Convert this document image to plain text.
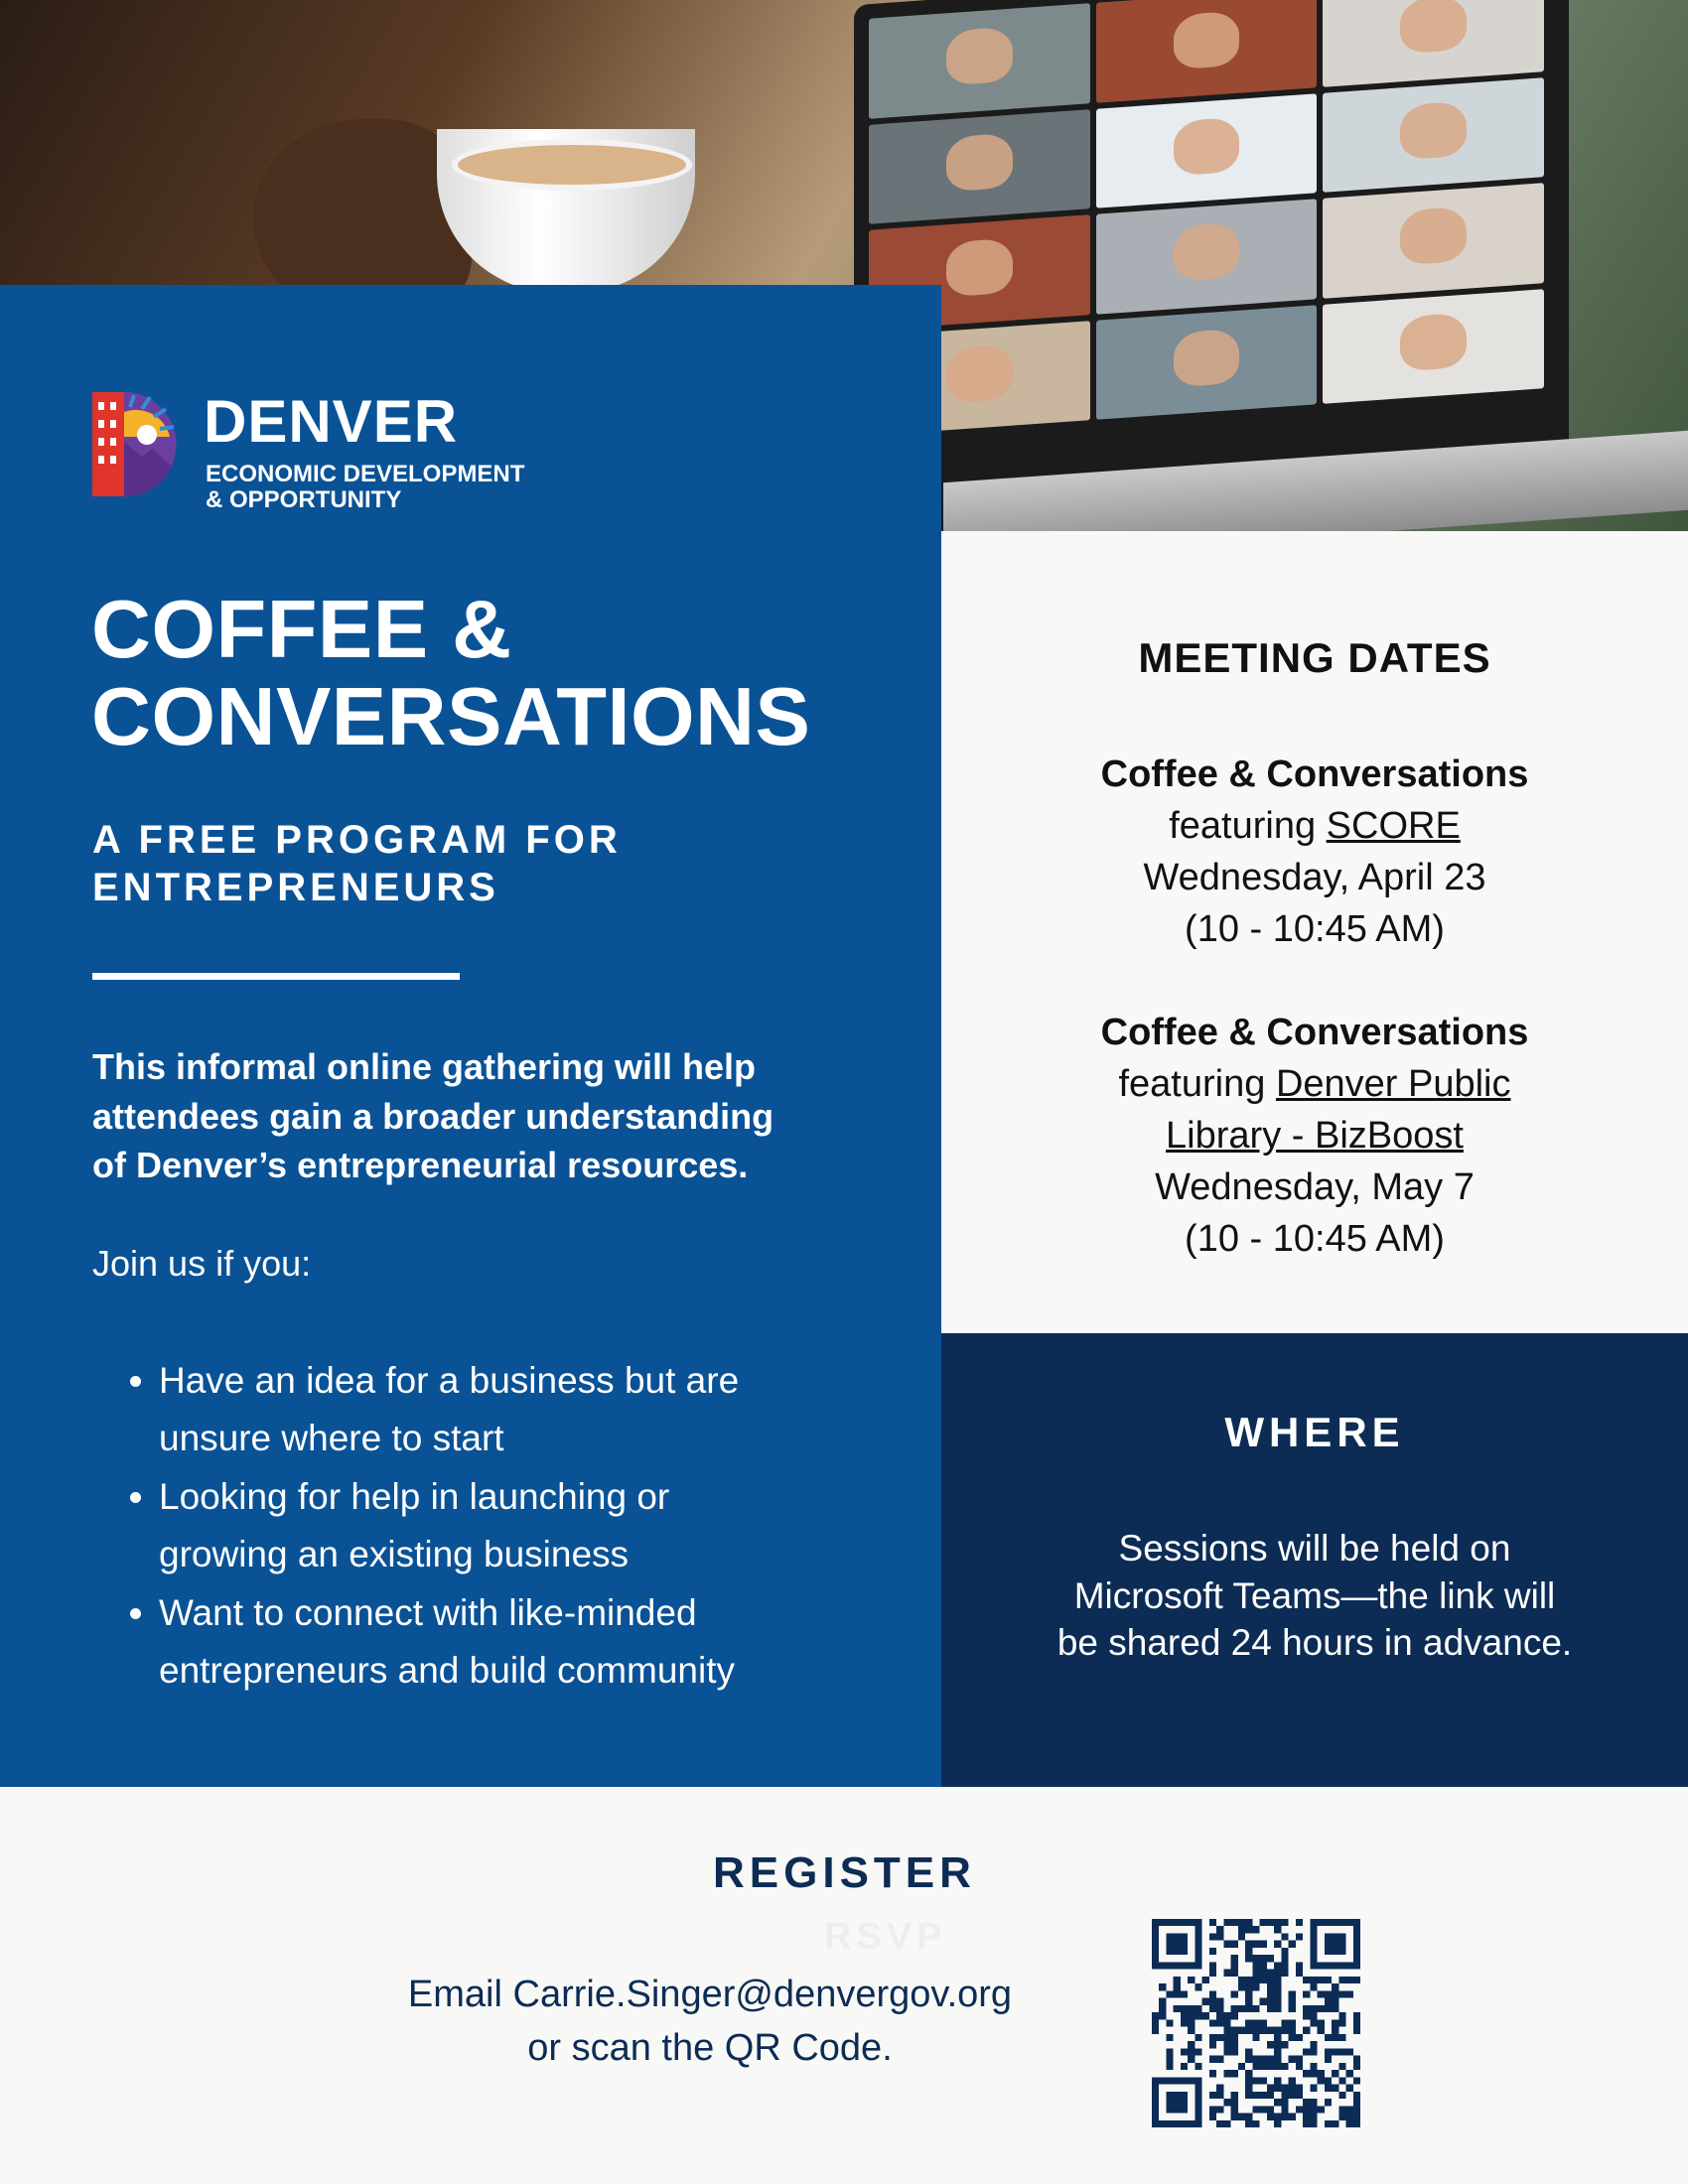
DENVER
ECONOMIC DEVELOPMENT
& OPPORTUNITY
COFFEE &
CONVERSATIONS
A FREE PROGRAM FOR
ENTREPRENEURS
This informal online gathering will help
attendees gain a broader understanding
of Denver’s entrepreneurial resources.
Join us if you:
• Have an idea for a business but are
unsure where to start
• Looking for help in launching or
growing an existing business
• Want to connect with like-minded
entrepreneurs and build community
MEETING DATES
Coffee & Conversations
featuring SCORE
Wednesday, April 23
(10 - 10:45 AM)
Coffee & Conversations
featuring Denver Public
Library - BizBoost
Wednesday, May 7
(10 - 10:45 AM)
WHERE

Sessions will be held on
Microsoft Teams—the link will
be shared 24 hours in advance.

REGISTER
RSVP
Email Carrie.Singer@denvergov.org
or scan the QR Code.
